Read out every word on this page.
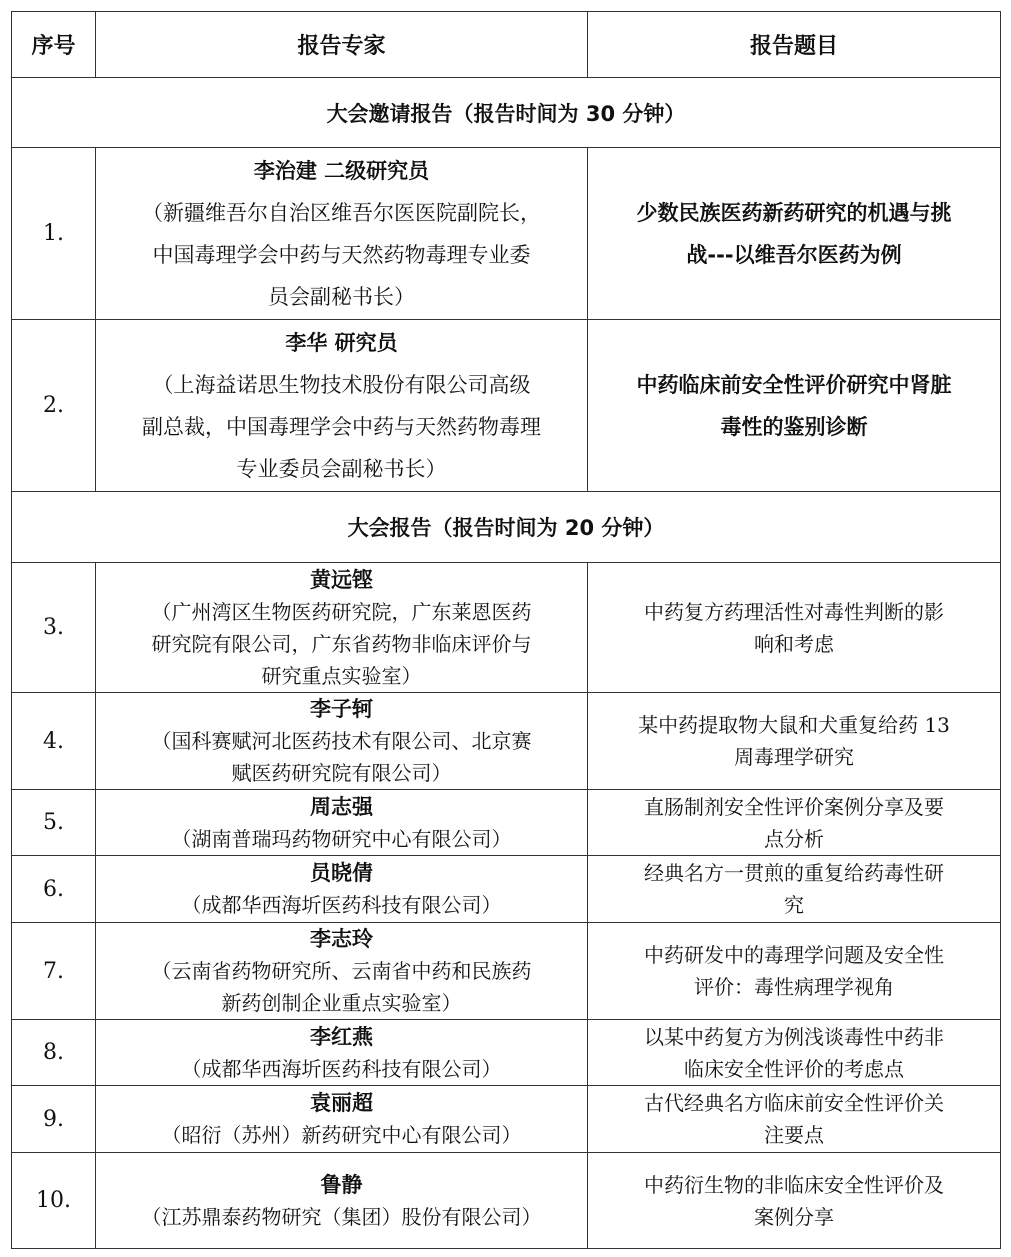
序号	报告专家	报告题目
大会邀请报告（报告时间为 30 分钟）		
1.	李治建 二级研究员
（新疆维吾尔自治区维吾尔医医院副院长，
中国毒理学会中药与天然药物毒理专业委
员会副秘书长）	少数民族医药新药研究的机遇与挑
战---以维吾尔医药为例

2.	李华 研究员
（上海益诺思生物技术股份有限公司高级
副总裁，中国毒理学会中药与天然药物毒理
专业委员会副秘书长）	中药临床前安全性评价研究中肾脏
毒性的鉴别诊断

大会报告（报告时间为 20 分钟）		
3.	黄远铿
（广州湾区生物医药研究院，广东莱恩医药
研究院有限公司，广东省药物非临床评价与
研究重点实验室）	中药复方药理活性对毒性判断的影
响和考虑

4.	李子轲
（国科赛赋河北医药技术有限公司、北京赛
赋医药研究院有限公司）	某中药提取物大鼠和犬重复给药 13
周毒理学研究

5.	周志强
（湖南普瑞玛药物研究中心有限公司）	直肠制剂安全性评价案例分享及要
点分析

6.	员晓倩
（成都华西海圻医药科技有限公司）	经典名方一贯煎的重复给药毒性研
究

7.	李志玲
（云南省药物研究所、云南省中药和民族药
新药创制企业重点实验室）	中药研发中的毒理学问题及安全性
评价：毒性病理学视角

8.	李红燕
（成都华西海圻医药科技有限公司）	以某中药复方为例浅谈毒性中药非
临床安全性评价的考虑点

9.	袁丽超
（昭衍（苏州）新药研究中心有限公司）	古代经典名方临床前安全性评价关
注要点

10.	鲁静
（江苏鼎泰药物研究（集团）股份有限公司）	中药衍生物的非临床安全性评价及
案例分享
